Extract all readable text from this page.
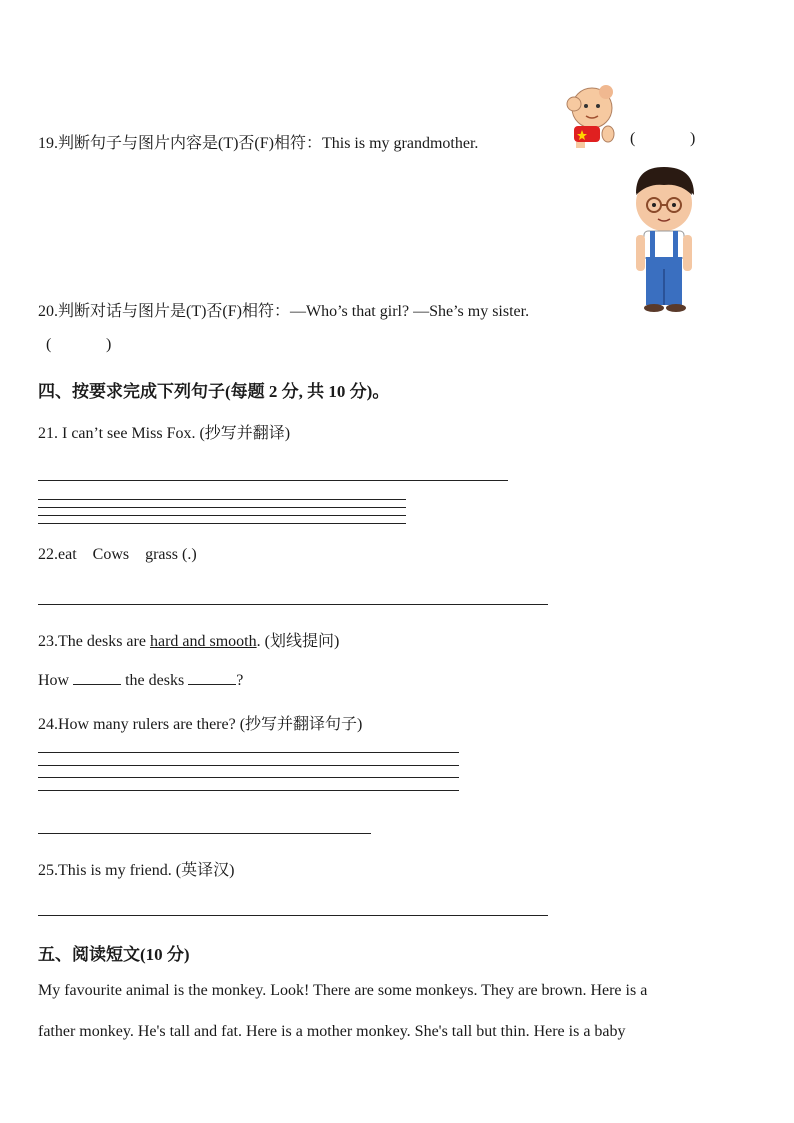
19.判断句子与图片内容是(T)否(F)相符：This is my grandmother.	(	)
20.判断对话与图片是(T)否(F)相符：—Who’s that girl? —She’s my sister.
(	)
四、按要求完成下列句子(每题 2 分, 共 10 分)。
21. I can’t see Miss Fox. (抄写并翻译)
22.eat    Cows    grass (.)
23.The desks are hard and smooth. (划线提问)
How	the desks	?
24.How many rulers are there? (抄写并翻译句子)
25.This is my friend. (英译汉)
五、阅读短文(10 分)
My favourite animal is the monkey. Look! There are some monkeys. They are brown. Here is a
father monkey. He's tall and fat. Here is a mother monkey. She's tall but thin. Here is a baby
